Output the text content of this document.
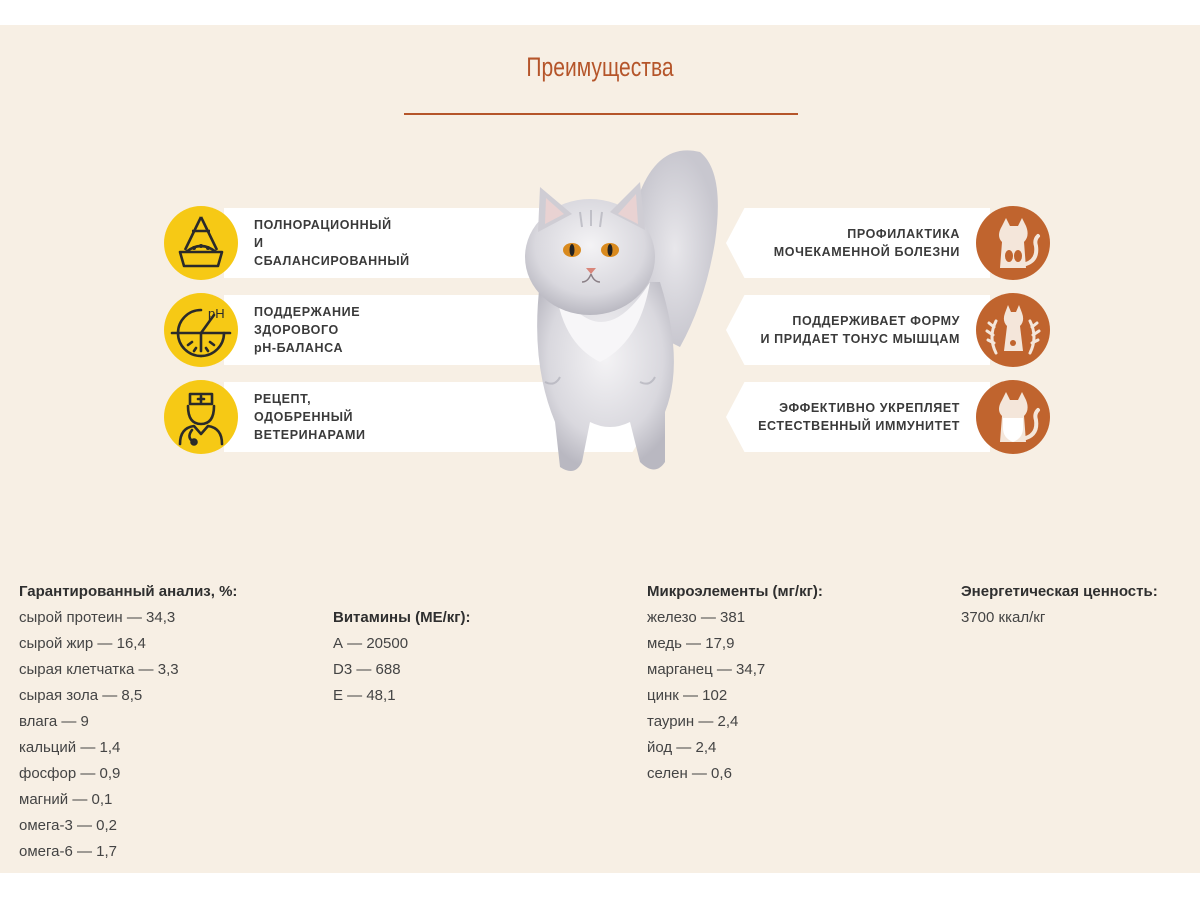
Преимущества
ПОЛНОРАЦИОННЫЙ
И СБАЛАНСИРОВАННЫЙ
pH ПОДДЕРЖАНИЕ ЗДОРОВОГО
pH-БАЛАНСА
РЕЦЕПТ, ОДОБРЕННЫЙ
ВЕТЕРИНАРАМИ
ПРОФИЛАКТИКА
МОЧЕКАМЕННОЙ БОЛЕЗНИ
ПОДДЕРЖИВАЕТ ФОРМУ
И ПРИДАЕТ ТОНУС МЫШЦАМ
ЭФФЕКТИВНО УКРЕПЛЯЕТ
ЕСТЕСТВЕННЫЙ ИММУНИТЕТ
Гарантированный анализ, %:
сырой протеин — 34,3
сырой жир — 16,4
сырая клетчатка — 3,3
сырая зола — 8,5
влага — 9
кальций — 1,4
фосфор — 0,9
магний — 0,1
омега-3 — 0,2
омега-6 — 1,7
Витамины (МЕ/кг):
А — 20500
D3 — 688
Е — 48,1
Микроэлементы (мг/кг):
железо — 381
медь — 17,9
марганец — 34,7
цинк — 102
таурин — 2,4
йод — 2,4
селен — 0,6
Энергетическая ценность:
3700 ккал/кг
